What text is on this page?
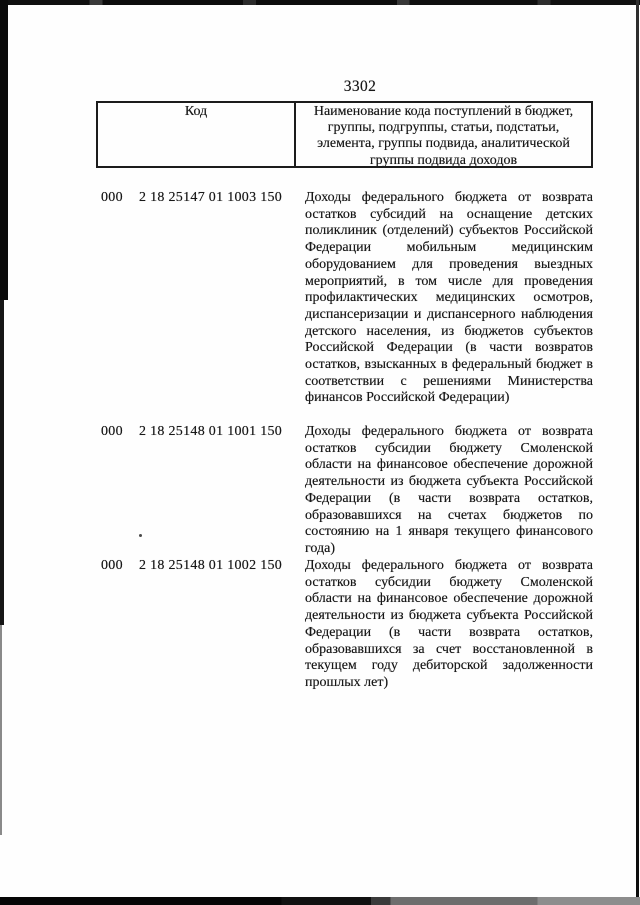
3302
Код	Наименование кода поступлений в бюджет, группы, подгруппы, статьи, подстатьи, элемента, группы подвида, аналитической группы подвида доходов
000 2 18 25147 01 1003 150 Доходы федерального бюджета от возврата остатков субсидий на оснащение детских поликлиник (отделений) субъектов Российской Федерации мобильным медицинским оборудованием для проведения выездных мероприятий, в том числе для проведения профилактических медицинских осмотров, диспансеризации и диспансерного наблюдения детского населения, из бюджетов субъектов Российской Федерации (в части возвратов остатков, взысканных в федеральный бюджет в соответствии с решениями Министерства финансов Российской Федерации)
000 2 18 25148 01 1001 150 Доходы федерального бюджета от возврата остатков субсидии бюджету Смоленской области на финансовое обеспечение дорожной деятельности из бюджета субъекта Российской Федерации (в части возврата остатков, образовавшихся на счетах бюджетов по состоянию на 1 января текущего финансового года)
000 2 18 25148 01 1002 150 Доходы федерального бюджета от возврата остатков субсидии бюджету Смоленской области на финансовое обеспечение дорожной деятельности из бюджета субъекта Российской Федерации (в части возврата остатков, образовавшихся за счет восстановленной в текущем году дебиторской задолженности прошлых лет)
